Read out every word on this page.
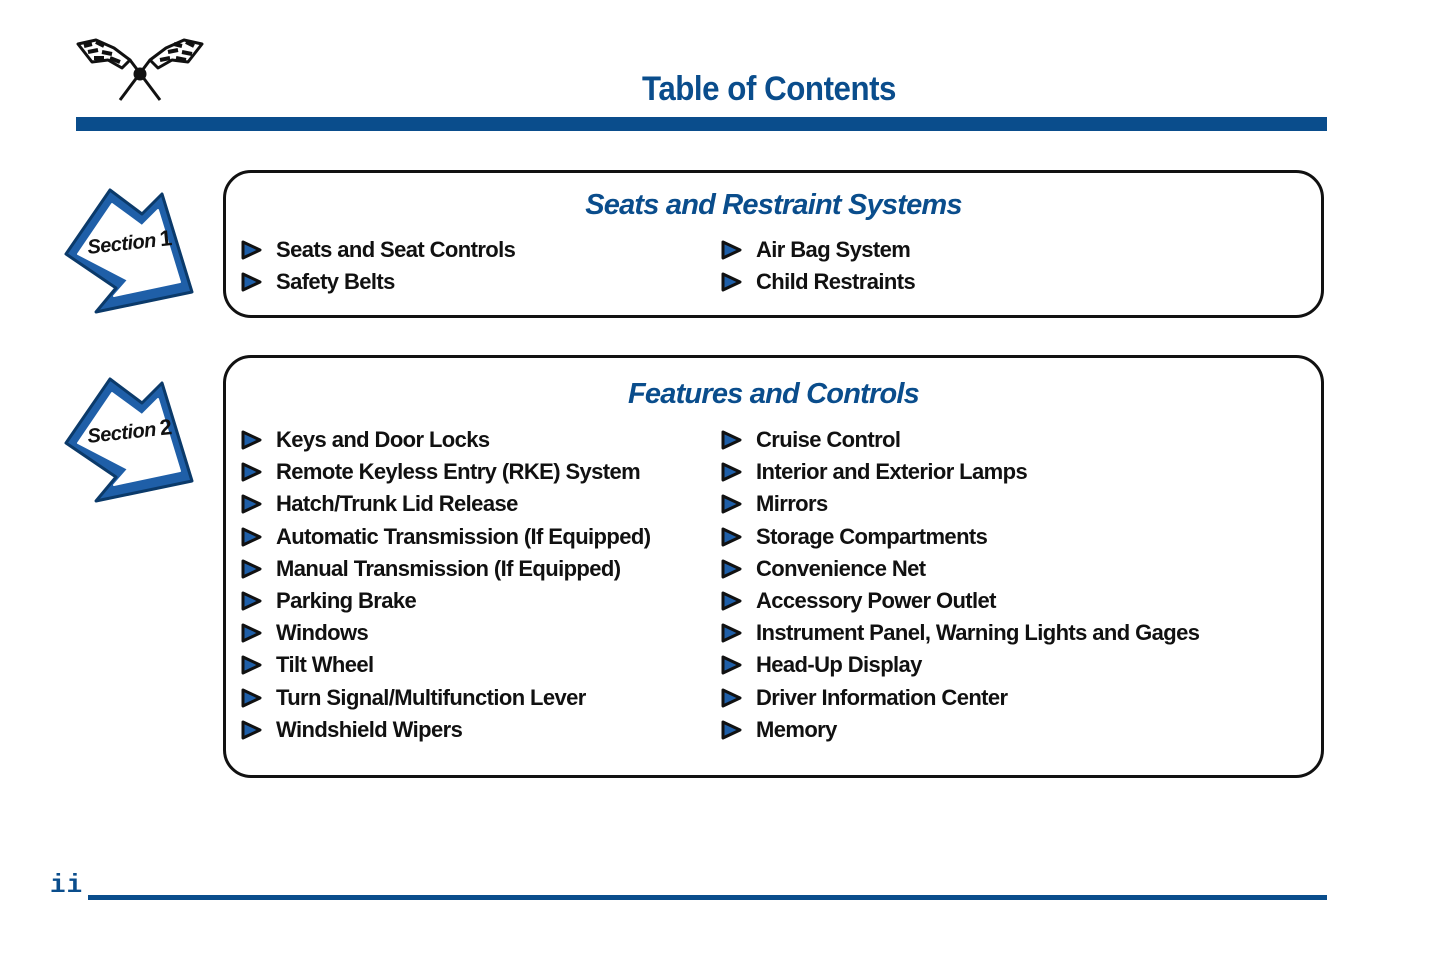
Table of Contents
Section1
Seats and Restraint Systems
Seats and Seat Controls
Safety Belts
Air Bag System
Child Restraints
Section2
Features and Controls
Keys and Door Locks
Remote Keyless Entry (RKE) System
Hatch/Trunk Lid Release
Automatic Transmission (If Equipped)
Manual Transmission (If Equipped)
Parking Brake
Windows
Tilt Wheel
Turn Signal/Multifunction Lever
Windshield Wipers
Cruise Control
Interior and Exterior Lamps
Mirrors
Storage Compartments
Convenience Net
Accessory Power Outlet
Instrument Panel, Warning Lights and Gages
Head-Up Display
Driver Information Center
Memory
ii
